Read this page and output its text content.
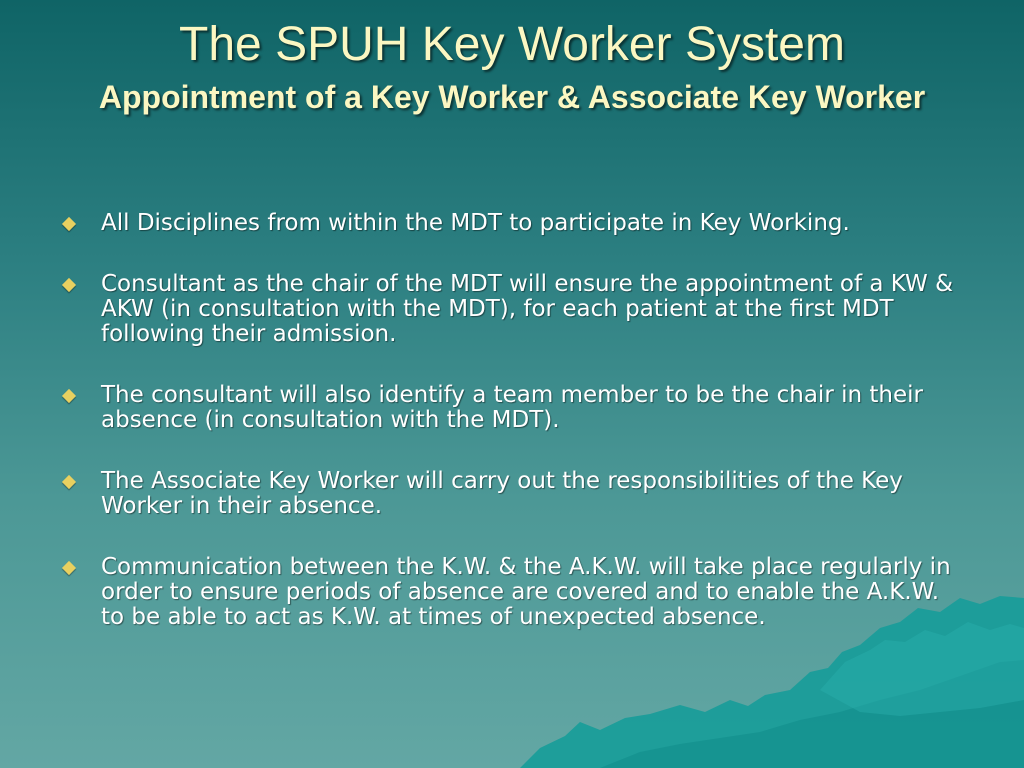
The SPUH Key Worker System
Appointment of a Key Worker & Associate Key Worker
All Disciplines from within the MDT to participate in Key Working.
Consultant as the chair of the MDT will ensure the appointment of a KW & AKW (in consultation with the MDT), for each patient at the first MDT following their admission.
The consultant will also identify a team member to be the chair in their absence (in consultation with the MDT).
The Associate Key Worker will carry out the responsibilities of the Key Worker in their absence.
Communication between the K.W. & the A.K.W. will take place regularly in order to ensure periods of absence are covered and to enable the A.K.W. to be able to act as K.W. at times of unexpected absence.
